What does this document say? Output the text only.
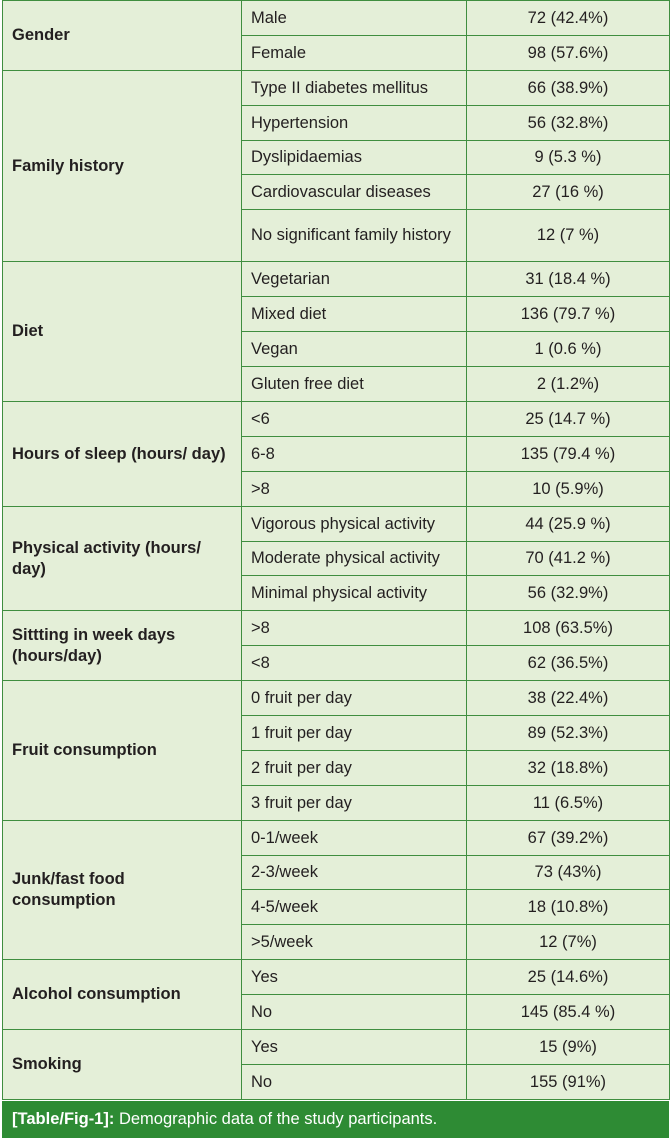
Gender	Male	72 (42.4%)
	Female	98 (57.6%)
Family history	Type II diabetes mellitus	66 (38.9%)
	Hypertension	56 (32.8%)
	Dyslipidaemias	9 (5.3 %)
	Cardiovascular diseases	27 (16 %)
	No significant family history	12 (7 %)
Diet	Vegetarian	31 (18.4 %)
	Mixed diet	136 (79.7 %)
	Vegan	1 (0.6 %)
	Gluten free diet	2 (1.2%)
Hours of sleep (hours/ day)	<6	25 (14.7 %)
	6-8	135 (79.4 %)
	>8	10 (5.9%)
Physical activity (hours/ day)	Vigorous physical activity	44 (25.9 %)
	Moderate physical activity	70 (41.2 %)
	Minimal physical activity	56 (32.9%)
Sittting in week days (hours/day)	>8	108 (63.5%)
	<8	62 (36.5%)
Fruit consumption	0 fruit per day	38 (22.4%)
	1 fruit per day	89 (52.3%)
	2 fruit per day	32 (18.8%)
	3 fruit per day	11 (6.5%)
Junk/fast food consumption	0-1/week	67 (39.2%)
	2-3/week	73 (43%)
	4-5/week	18 (10.8%)
	>5/week	12 (7%)
Alcohol consumption	Yes	25 (14.6%)
	No	145 (85.4 %)
Smoking	Yes	15 (9%)
	No	155 (91%)
[Table/Fig-1]: Demographic data of the study participants.
